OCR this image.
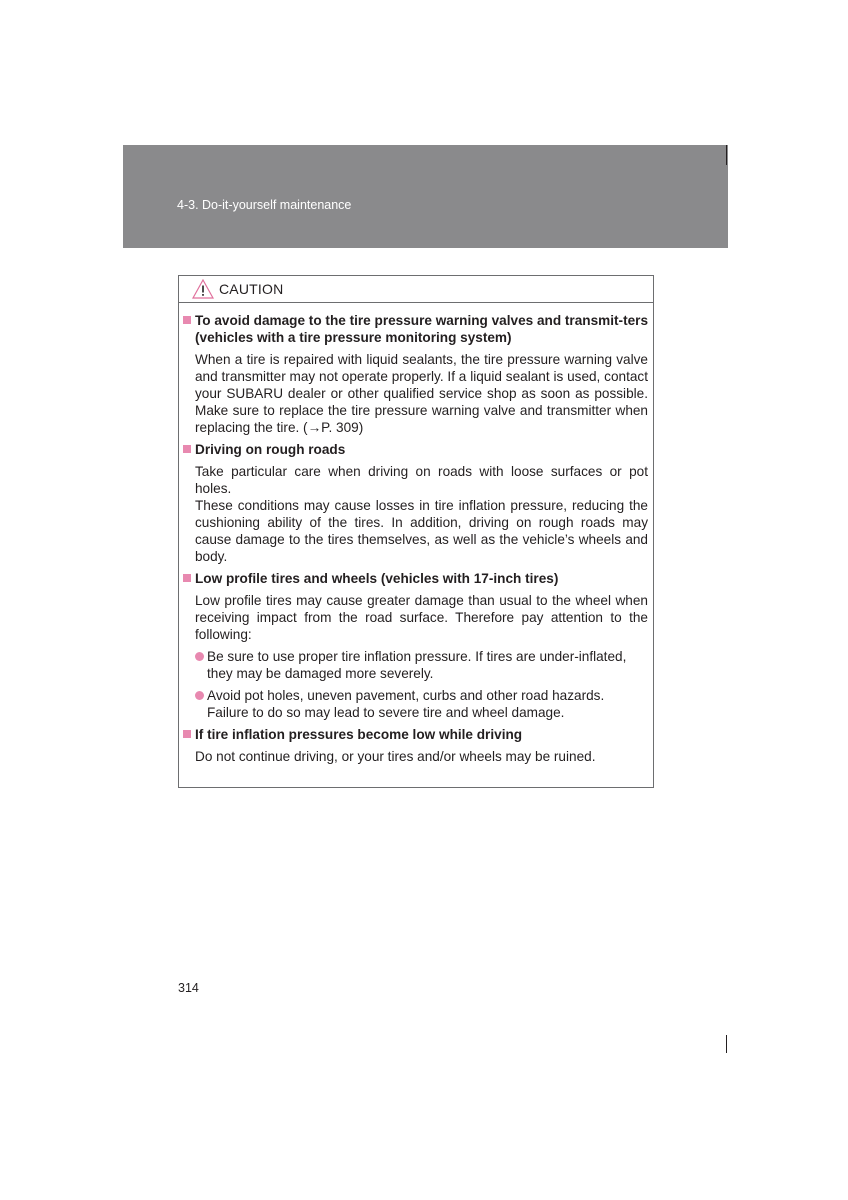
4-3. Do-it-yourself maintenance
CAUTION
To avoid damage to the tire pressure warning valves and transmit-ters (vehicles with a tire pressure monitoring system)
When a tire is repaired with liquid sealants, the tire pressure warning valve and transmitter may not operate properly. If a liquid sealant is used, contact your SUBARU dealer or other qualified service shop as soon as possible. Make sure to replace the tire pressure warning valve and transmitter when replacing the tire. (→P. 309)
Driving on rough roads
Take particular care when driving on roads with loose surfaces or pot holes.
These conditions may cause losses in tire inflation pressure, reducing the cushioning ability of the tires. In addition, driving on rough roads may cause damage to the tires themselves, as well as the vehicle’s wheels and body.
Low profile tires and wheels (vehicles with 17-inch tires)
Low profile tires may cause greater damage than usual to the wheel when receiving impact from the road surface. Therefore pay attention to the following:
Be sure to use proper tire inflation pressure. If tires are under-inflated, they may be damaged more severely.
Avoid pot holes, uneven pavement, curbs and other road hazards. Failure to do so may lead to severe tire and wheel damage.
If tire inflation pressures become low while driving
Do not continue driving, or your tires and/or wheels may be ruined.
314
